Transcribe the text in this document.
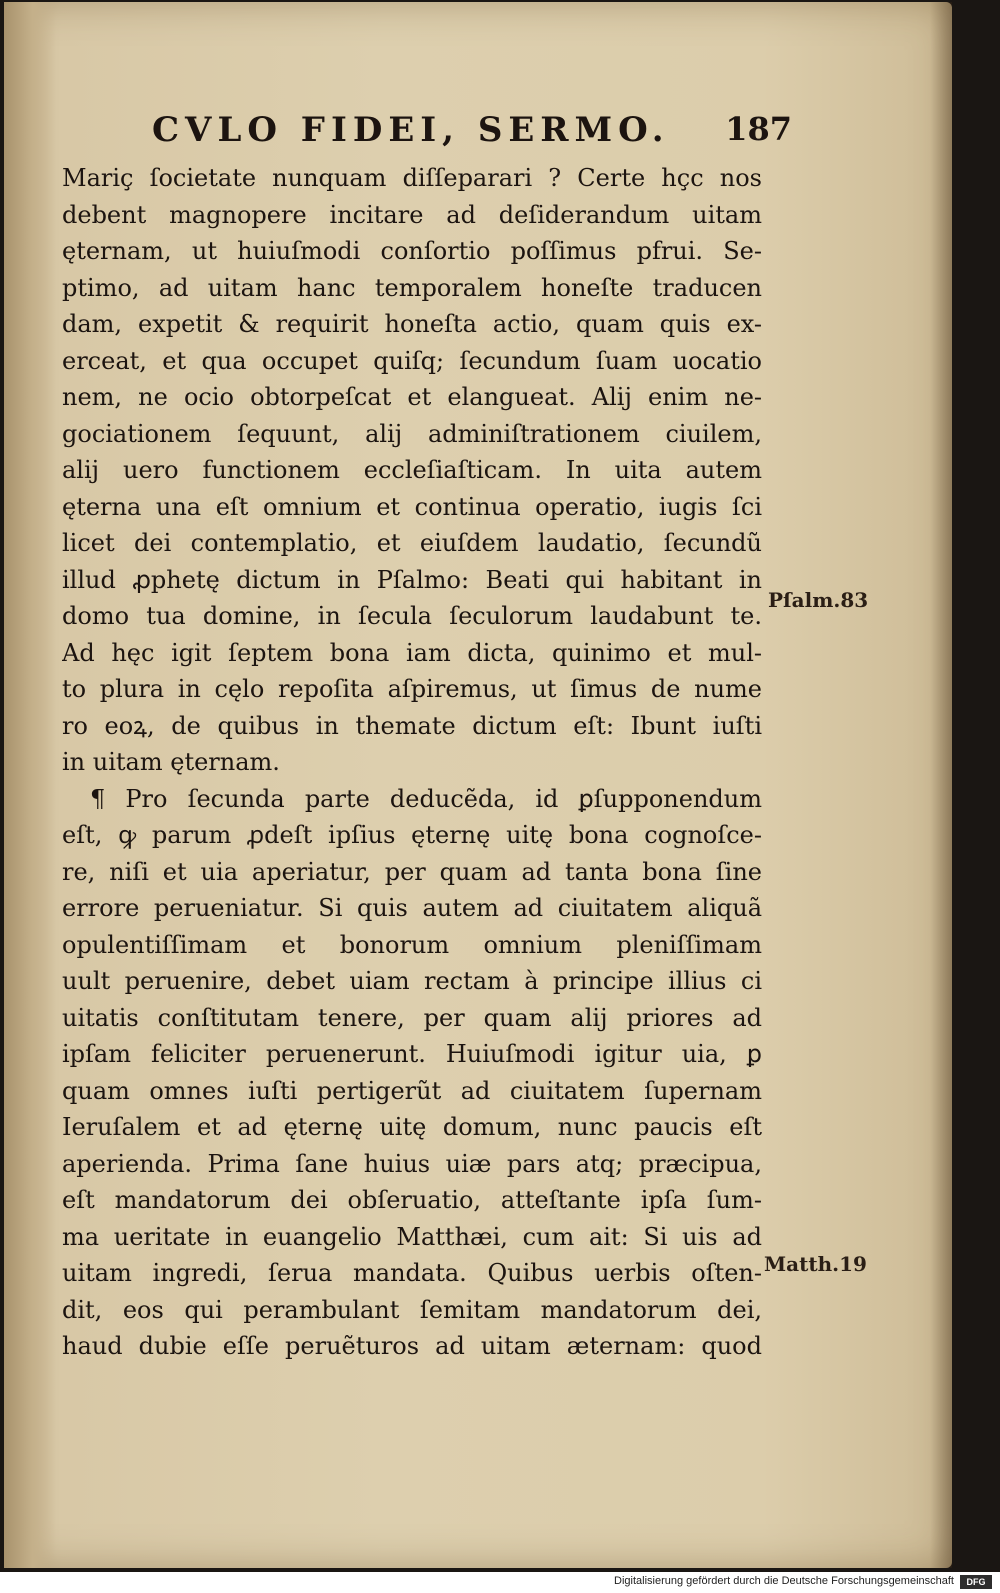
CVLO FIDEI, SERMO. 187
Mariç ſocietate nunquam diſſeparari ? Certe hçc nos
debent magnopere incitare ad deſiderandum uitam
ęternam, ut huiuſmodi conſortio poſſimus pfrui. Se-
ptimo, ad uitam hanc temporalem honeſte traducen
dam, expetit & requirit honeſta actio, quam quis ex-
erceat, et qua occupet quiſq; ſecundum ſuam uocatio
nem, ne ocio obtorpeſcat et elangueat. Alij enim ne-
gociationem ſequunt, alij adminiſtrationem ciuilem,
alij uero functionem eccleſiaſticam. In uita autem
ęterna una eſt omnium et continua operatio, iugis ſci
licet dei contemplatio, et eiuſdem laudatio, ſecundũ
illud ꝓphetę dictum in Pſalmo: Beati qui habitant in
domo tua domine, in ſecula ſeculorum laudabunt te.
Ad hęc igit ſeptem bona iam dicta, quinimo et mul-
to plura in cęlo repoſita aſpiremus, ut ſimus de nume
ro eoꝝ, de quibus in themate dictum eſt: Ibunt iuſti
in uitam ęternam.
¶ Pro ſecunda parte deducẽda, id ꝑſupponendum
eſt, ꝙ parum ꝓdeſt ipſius ęternę uitę bona cognoſce-
re, niſi et uia aperiatur, per quam ad tanta bona ſine
errore perueniatur. Si quis autem ad ciuitatem aliquã
opulentiſſimam et bonorum omnium pleniſſimam
uult peruenire, debet uiam rectam à principe illius ci
uitatis conſtitutam tenere, per quam alij priores ad
ipſam feliciter peruenerunt. Huiuſmodi igitur uia, ꝑ
quam omnes iuſti pertigerũt ad ciuitatem ſupernam
Ieruſalem et ad ęternę uitę domum, nunc paucis eſt
aperienda. Prima ſane huius uiæ pars atq; præcipua,
eſt mandatorum dei obſeruatio, atteſtante ipſa ſum-
ma ueritate in euangelio Matthæi, cum ait: Si uis ad
uitam ingredi, ſerua mandata. Quibus uerbis oſten-
dit, eos qui perambulant ſemitam mandatorum dei,
haud dubie eſſe peruẽturos ad uitam æternam: quod
Pſalm.83
Matth.19
Digitalisierung gefördert durch die Deutsche Forschungsgemeinschaft	DFG
